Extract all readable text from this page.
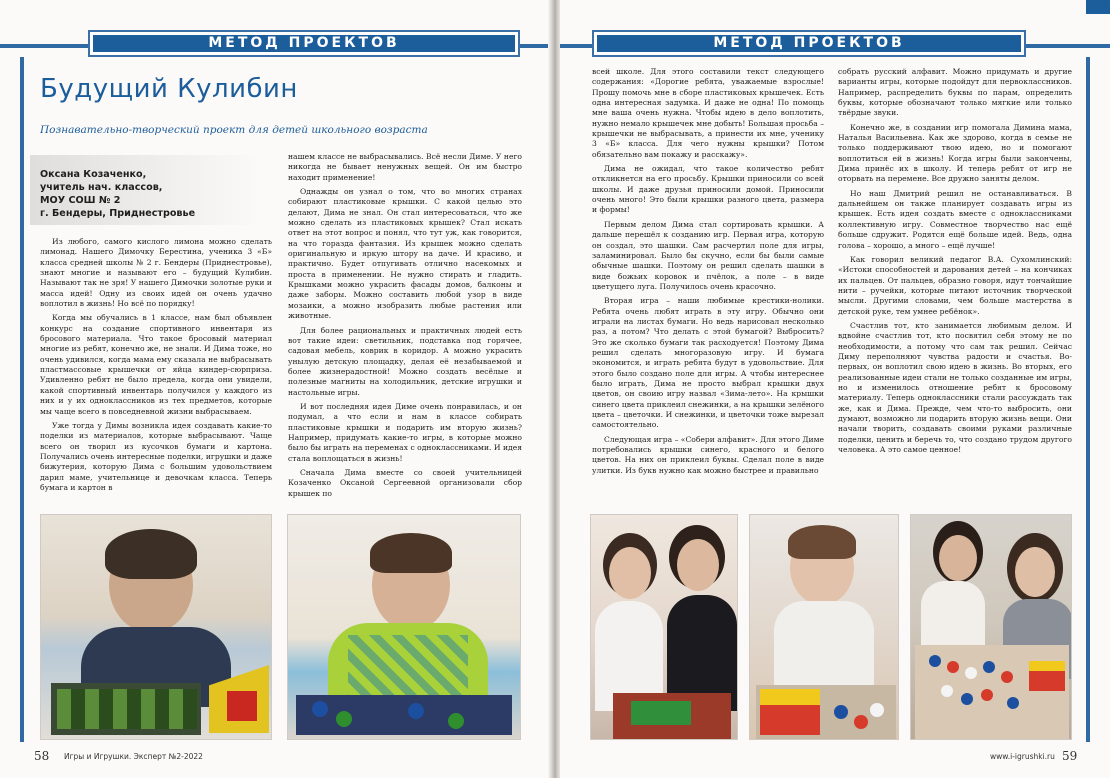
МЕТОД ПРОЕКТОВ
Будущий Кулибин
Познавательно-творческий проект для детей школьного возраста
Оксана Козаченко,
учитель нач. классов,
МОУ СОШ № 2
г. Бендеры, Приднестровье

Из любого, самого кислого лимона можно сделать лимонад. Нашего Димочку Берестина, ученика 3 «Б» класса средней школы № 2 г. Бендеры (Приднестровье), знают многие и называют его – будущий Кулибин. Называют так не зря! У нашего Димочки золотые руки и масса идей! Одну из своих идей он очень удачно воплотил в жизнь! Но всё по порядку!

Когда мы обучались в 1 классе, нам был объявлен конкурс на создание спортивного инвентаря из бросового материала. Что такое бросовый материал многие из ребят, конечно же, не знали. И Дима тоже, но очень удивился, когда мама ему сказала не выбрасывать пластмассовые крышечки от яйца киндер-сюрприза. Удивленно ребят не было предела, когда они увидели, какой спортивный инвентарь получился у каждого из них и у их одноклассников из тех предметов, которые мы чаще всего в повседневной жизни выбрасываем.

Уже тогда у Димы возникла идея создавать какие-то поделки из материалов, которые выбрасывают. Чаще всего он творил из кусочков бумаги и картона. Получались очень интересные поделки, игрушки и даже бижутерия, которую Дима с большим удовольствием дарил маме, учительнице и девочкам класса. Теперь бумага и картон в

нашем классе не выбрасывались. Всё несли Диме. У него никогда не бывает ненужных вещей. Он им быстро находит применение!

Однажды он узнал о том, что во многих странах собирают пластиковые крышки. С какой целью это делают, Дима не знал. Он стал интересоваться, что же можно сделать из пластиковых крышек? Стал искать ответ на этот вопрос и понял, что тут уж, как говорится, на что горазда фантазия. Из крышек можно сделать оригинальную и яркую штору на даче. И красиво, и практично. Будет отпугивать отлично насекомых и проста в применении. Не нужно стирать и гладить. Крышками можно украсить фасады домов, балконы и даже заборы. Можно составить любой узор в виде мозаики, а можно изобразить любые растения или животные.

Для более рациональных и практичных людей есть вот такие идеи: светильник, подставка под горячее, садовая мебель, коврик в коридор. А можно украсить унылую детскую площадку, делая её незабываемой и более жизнерадостной! Можно создать весёлые и полезные магниты на холодильник, детские игрушки и настольные игры.

И вот последняя идея Диме очень понравилась, и он подумал, а что если и нам в классе собирать пластиковые крышки и подарить им вторую жизнь? Например, придумать какие-то игры, в которые можно было бы играть на переменах с одноклассниками. И идея стала воплощаться в жизнь!

Сначала Дима вместе со своей учительницей Козаченко Оксаной Сергеевной организовали сбор крышек по

58 Игры и Игрушки. Эксперт №2-2022
МЕТОД ПРОЕКТОВ

всей школе. Для этого составили текст следующего содержания: «Дорогие ребята, уважаемые взрослые! Прошу помочь мне в сборе пластиковых крышечек. Есть одна интересная задумка. И даже не одна! По помощь мне ваша очень нужна. Чтобы идею в дело воплотить, нужно немало крышечек мне добыть! Большая просьба – крышечки не выбрасывать, а принести их мне, ученику 3 «Б» класса. Для чего нужны крышки? Потом обязательно вам покажу и расскажу».

Дима не ожидал, что такое количество ребят откликнется на его просьбу. Крышки приносили со всей школы. И даже друзья приносили домой. Приносили очень много! Это были крышки разного цвета, размера и формы!

Первым делом Дима стал сортировать крышки. А дальше перешёл к созданию игр. Первая игра, которую он создал, это шашки. Сам расчертил поле для игры, заламинировал. Было бы скучно, если бы были самые обычные шашки. Поэтому он решил сделать шашки в виде божьих коровок и пчёлок, а поле – в виде цветущего луга. Получилось очень красочно.

Вторая игра – наши любимые крестики-нолики. Ребята очень любят играть в эту игру. Обычно они играли на листах бумаги. Но ведь нарисовал несколько раз, а потом? Что делать с этой бумагой? Выбросить? Это же сколько бумаги так расходуется! Поэтому Дима решил сделать многоразовую игру. И бумага экономится, и играть ребята будут в удовольствие. Для этого было создано поле для игры. А чтобы интереснее было играть, Дима не просто выбрал крышки двух цветов, он своию игру назвал «Зима-лето». На крышки синего цвета приклеил снежинки, а на крышки зелёного цвета – цветочки. И снежинки, и цветочки тоже вырезал самостоятельно.

Следующая игра – «Собери алфавит». Для этого Диме потребовались крышки синего, красного и белого цветов. На них он приклеил буквы. Сделал поле в виде улитки. Из букв нужно как можно быстрее и правильно

собрать русский алфавит. Можно придумать и другие варианты игры, которые подойдут для первоклассников. Например, распределить буквы по парам, определить буквы, которые обозначают только мягкие или только твёрдые звуки.

Конечно же, в создании игр помогала Димина мама, Наталья Васильевна. Как же здорово, когда в семье не только поддерживают твою идею, но и помогают воплотиться ей в жизнь! Когда игры были закончены, Дима принёс их в школу. И теперь ребят от игр не оторвать на перемене. Все дружно заняты делом.

Но наш Дмитрий решил не останавливаться. В дальнейшем он также планирует создавать игры из крышек. Есть идея создать вместе с одноклассниками коллективную игру. Совместное творчество нас ещё больше сдружит. Родятся ещё больше идей. Ведь, одна голова – хорошо, а много – ещё лучше!

Как говорил великий педагог В.А. Сухомлинский: «Истоки способностей и дарования детей – на кончиках их пальцев. От пальцев, образно говоря, идут тончайшие нити – ручейки, которые питают источник творческой мысли. Другими словами, чем больше мастерства в детской руке, тем умнее ребёнок».

Счастлив тот, кто занимается любимым делом. И вдвойне счастлив тот, кто посвятил себя этому не по необходимости, а потому что сам так решил. Сейчас Диму переполняют чувства радости и счастья. Во-первых, он воплотил свою идею в жизнь. Во вторых, его реализованные идеи стали не только созданные им игры, но и изменилось отношение ребят к бросовому материалу. Теперь одноклассники стали рассуждать так же, как и Дима. Прежде, чем что-то выбросить, они думают, возможно ли подарить вторую жизнь вещи. Они начали творить, создавать своими руками различные поделки, ценить и беречь то, что создано трудом другого человека. А это самое ценное!

www.i-igrushki.ru 59
